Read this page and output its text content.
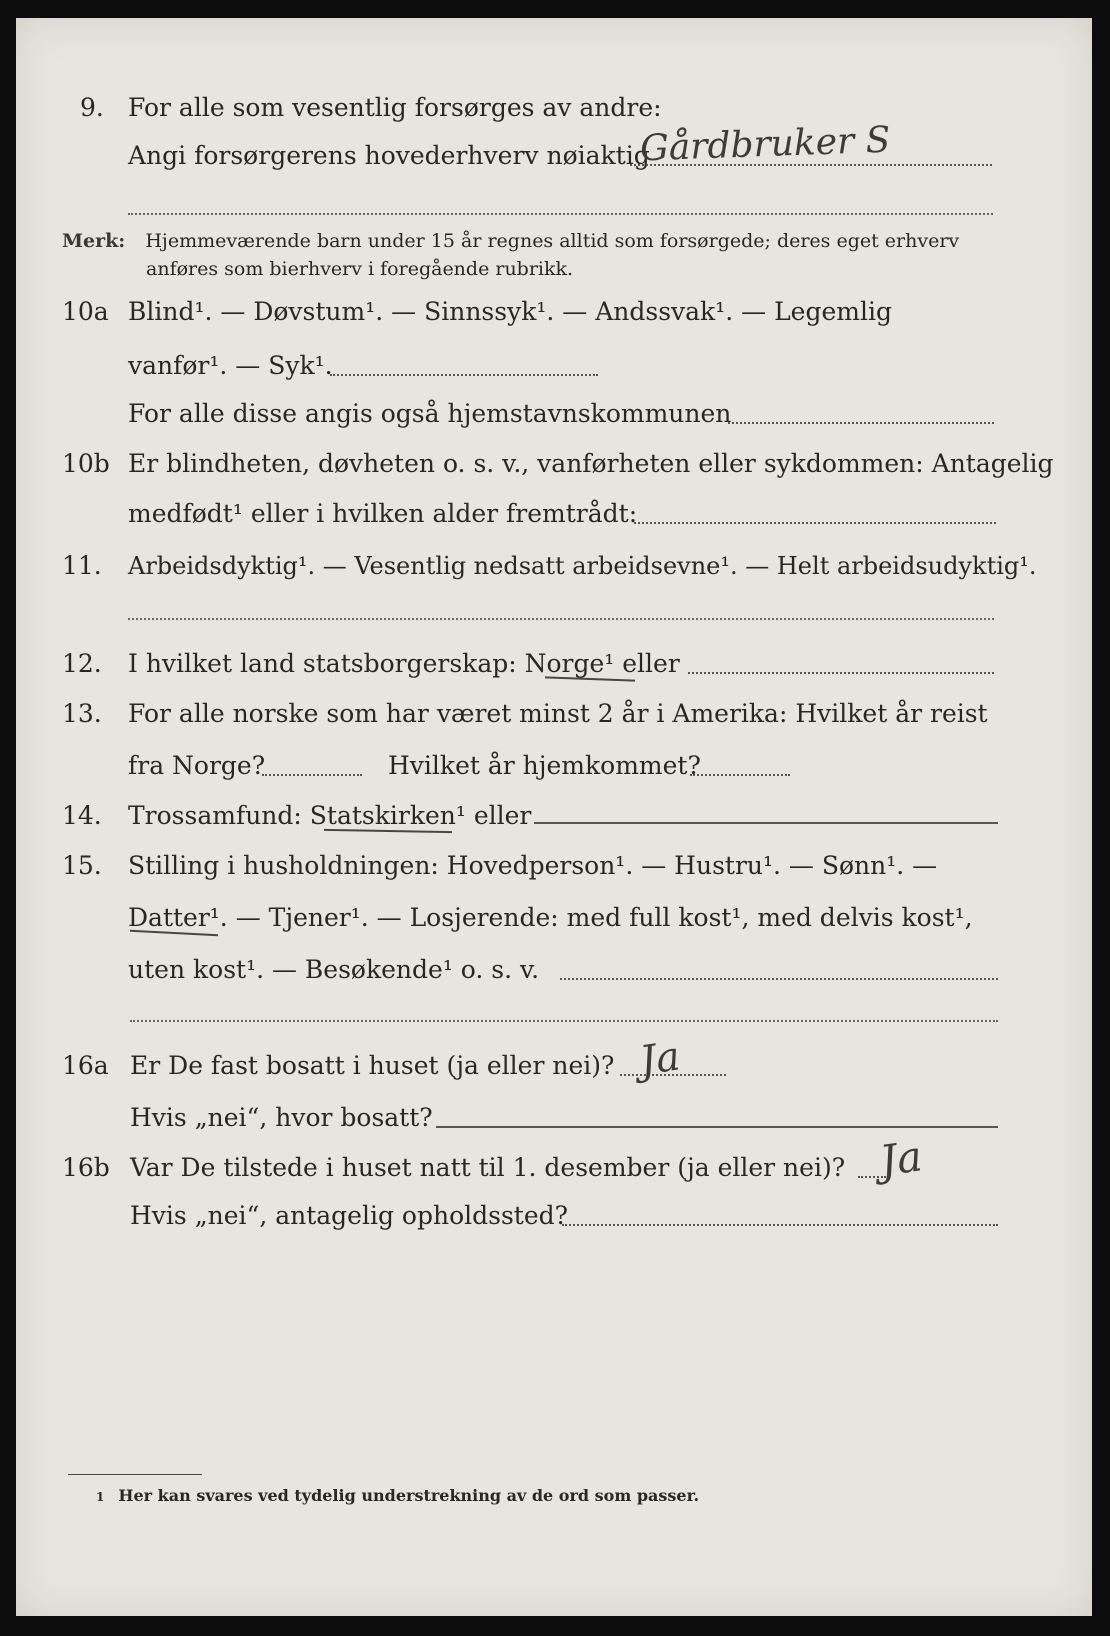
9. For alle som vesentlig forsørges av andre:
Angi forsørgerens hovederhverv nøiaktig
Gårdbruker S
Merk: Hjemmeværende barn under 15 år regnes alltid som forsørgede; deres eget erhverv
anføres som bierhverv i foregående rubrikk.
10a Blind¹. — Døvstum¹. — Sinnssyk¹. — Andssvak¹. — Legemlig
vanfør¹. — Syk¹.
For alle disse angis også hjemstavnskommunen
10b Er blindheten, døvheten o. s. v., vanførheten eller sykdommen: Antagelig
medfødt¹ eller i hvilken alder fremtrådt:
11. Arbeidsdyktig¹. — Vesentlig nedsatt arbeidsevne¹. — Helt arbeidsudyktig¹.
12. I hvilket land statsborgerskap: Norge¹ eller
13. For alle norske som har været minst 2 år i Amerika: Hvilket år reist
fra Norge?	Hvilket år hjemkommet?
14. Trossamfund: Statskirken¹ eller
15. Stilling i husholdningen: Hovedperson¹. — Hustru¹. — Sønn¹. —
Datter¹. — Tjener¹. — Losjerende: med full kost¹, med delvis kost¹,
uten kost¹. — Besøkende¹ o. s. v.
16a Er De fast bosatt i huset (ja eller nei)? Ja
Hvis „nei“, hvor bosatt?
16b Var De tilstede i huset natt til 1. desember (ja eller nei)? Ja
Hvis „nei“, antagelig opholdssted?
1 Her kan svares ved tydelig understrekning av de ord som passer.
